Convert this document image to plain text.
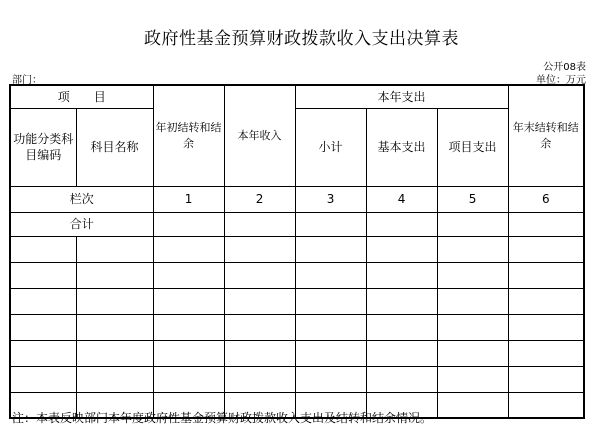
政府性基金预算财政拨款收入支出决算表
公开08表
部门：	单位：万元
项　　目		年初结转和结余	本年收入	本年支出			年末结转和结余
功能分类科目编码	科目名称			小计	基本支出	项目支出	
栏次		1	2	3	4	5	6
合计							

注：本表反映部门本年度政府性基金预算财政拨款收入支出及结转和结余情况。
